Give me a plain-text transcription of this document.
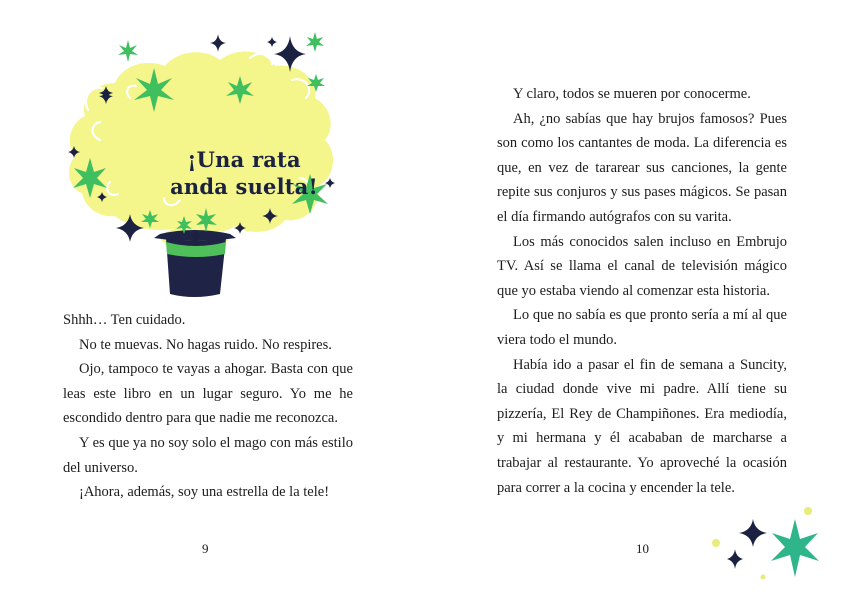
¡Una rata
anda suelta!

Shhh… Ten cuidado.

No te muevas. No hagas ruido. No respires.

Ojo, tampoco te vayas a ahogar. Basta con que leas este libro en un lugar seguro. Yo me he escondido dentro para que nadie me reconozca.

Y es que ya no soy solo el mago con más estilo del universo.

¡Ahora, además, soy una estrella de la tele!

9

Y claro, todos se mueren por conocerme.

Ah, ¿no sabías que hay brujos famosos? Pues son como los cantantes de moda. La diferencia es que, en vez de tararear sus canciones, la gente repite sus conjuros y sus pases mágicos. Se pasan el día firmando autógrafos con su varita.

Los más conocidos salen incluso en Embrujo TV. Así se llama el canal de televisión mágico que yo estaba viendo al comenzar esta historia.

Lo que no sabía es que pronto sería a mí al que viera todo el mundo.

Había ido a pasar el fin de semana a Suncity, la ciudad donde vive mi padre. Allí tiene su pizzería, El Rey de Champiñones. Era mediodía, y mi hermana y él acababan de marcharse a trabajar al restaurante. Yo aproveché la ocasión para correr a la cocina y encender la tele.

10
